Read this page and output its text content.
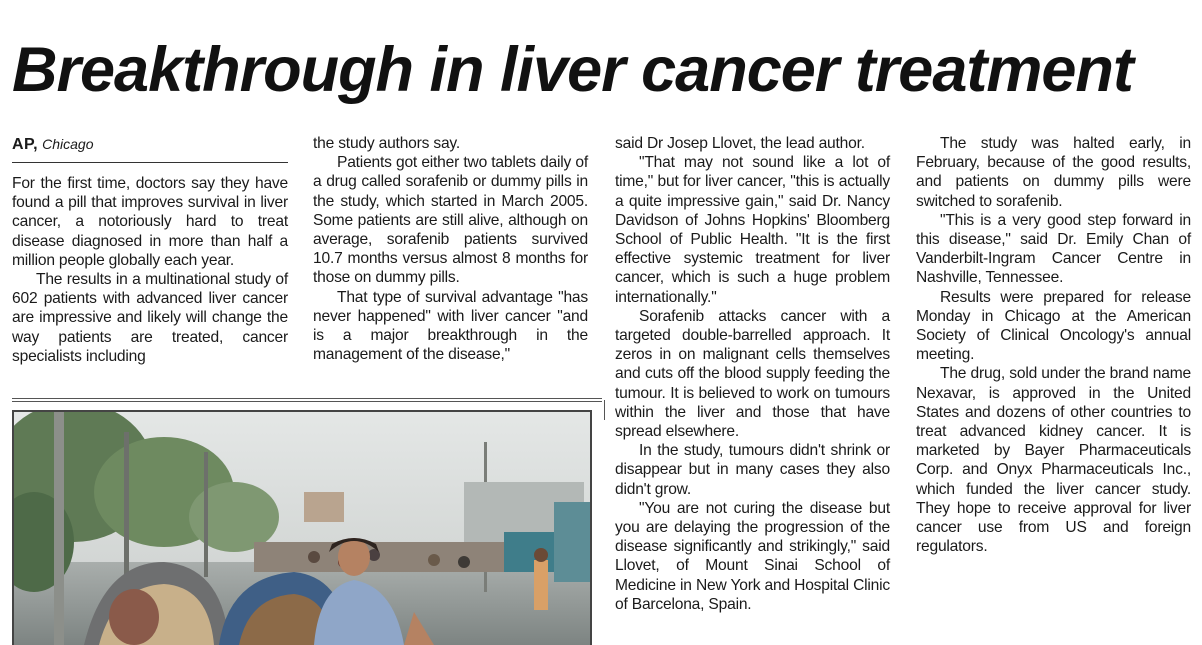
Breakthrough in liver cancer treatment
AP, Chicago

For the first time, doctors say they have found a pill that improves survival in liver cancer, a notoriously hard to treat disease diagnosed in more than half a million people globally each year.

The results in a multinational study of 602 patients with advanced liver cancer are impressive and likely will change the way patients are treated, cancer specialists including

the study authors say.

Patients got either two tablets daily of a drug called sorafenib or dummy pills in the study, which started in March 2005. Some patients are still alive, although on average, sorafenib patients survived 10.7 months versus almost 8 months for those on dummy pills.

That type of survival advantage "has never happened" with liver cancer "and is a major breakthrough in the management of the disease,"

said Dr Josep Llovet, the lead author.

"That may not sound like a lot of time," but for liver cancer, "this is actually a quite impressive gain," said Dr. Nancy Davidson of Johns Hopkins' Bloomberg School of Public Health. "It is the first effective systemic treatment for liver cancer, which is such a huge problem internationally."

Sorafenib attacks cancer with a targeted double-barrelled approach. It zeros in on malignant cells themselves and cuts off the blood supply feeding the tumour. It is believed to work on tumours within the liver and those that have spread elsewhere.

In the study, tumours didn't shrink or disappear but in many cases they also didn't grow.

"You are not curing the disease but you are delaying the progression of the disease significantly and strikingly," said Llovet, of Mount Sinai School of Medicine in New York and Hospital Clinic of Barcelona, Spain.

The study was halted early, in February, because of the good results, and patients on dummy pills were switched to sorafenib.

"This is a very good step forward in this disease," said Dr. Emily Chan of Vanderbilt-Ingram Cancer Centre in Nashville, Tennessee.

Results were prepared for release Monday in Chicago at the American Society of Clinical Oncology's annual meeting.

The drug, sold under the brand name Nexavar, is approved in the United States and dozens of other countries to treat advanced kidney cancer. It is marketed by Bayer Pharmaceuticals Corp. and Onyx Pharmaceuticals Inc., which funded the liver cancer study. They hope to receive approval for liver cancer use from US and foreign regulators.
